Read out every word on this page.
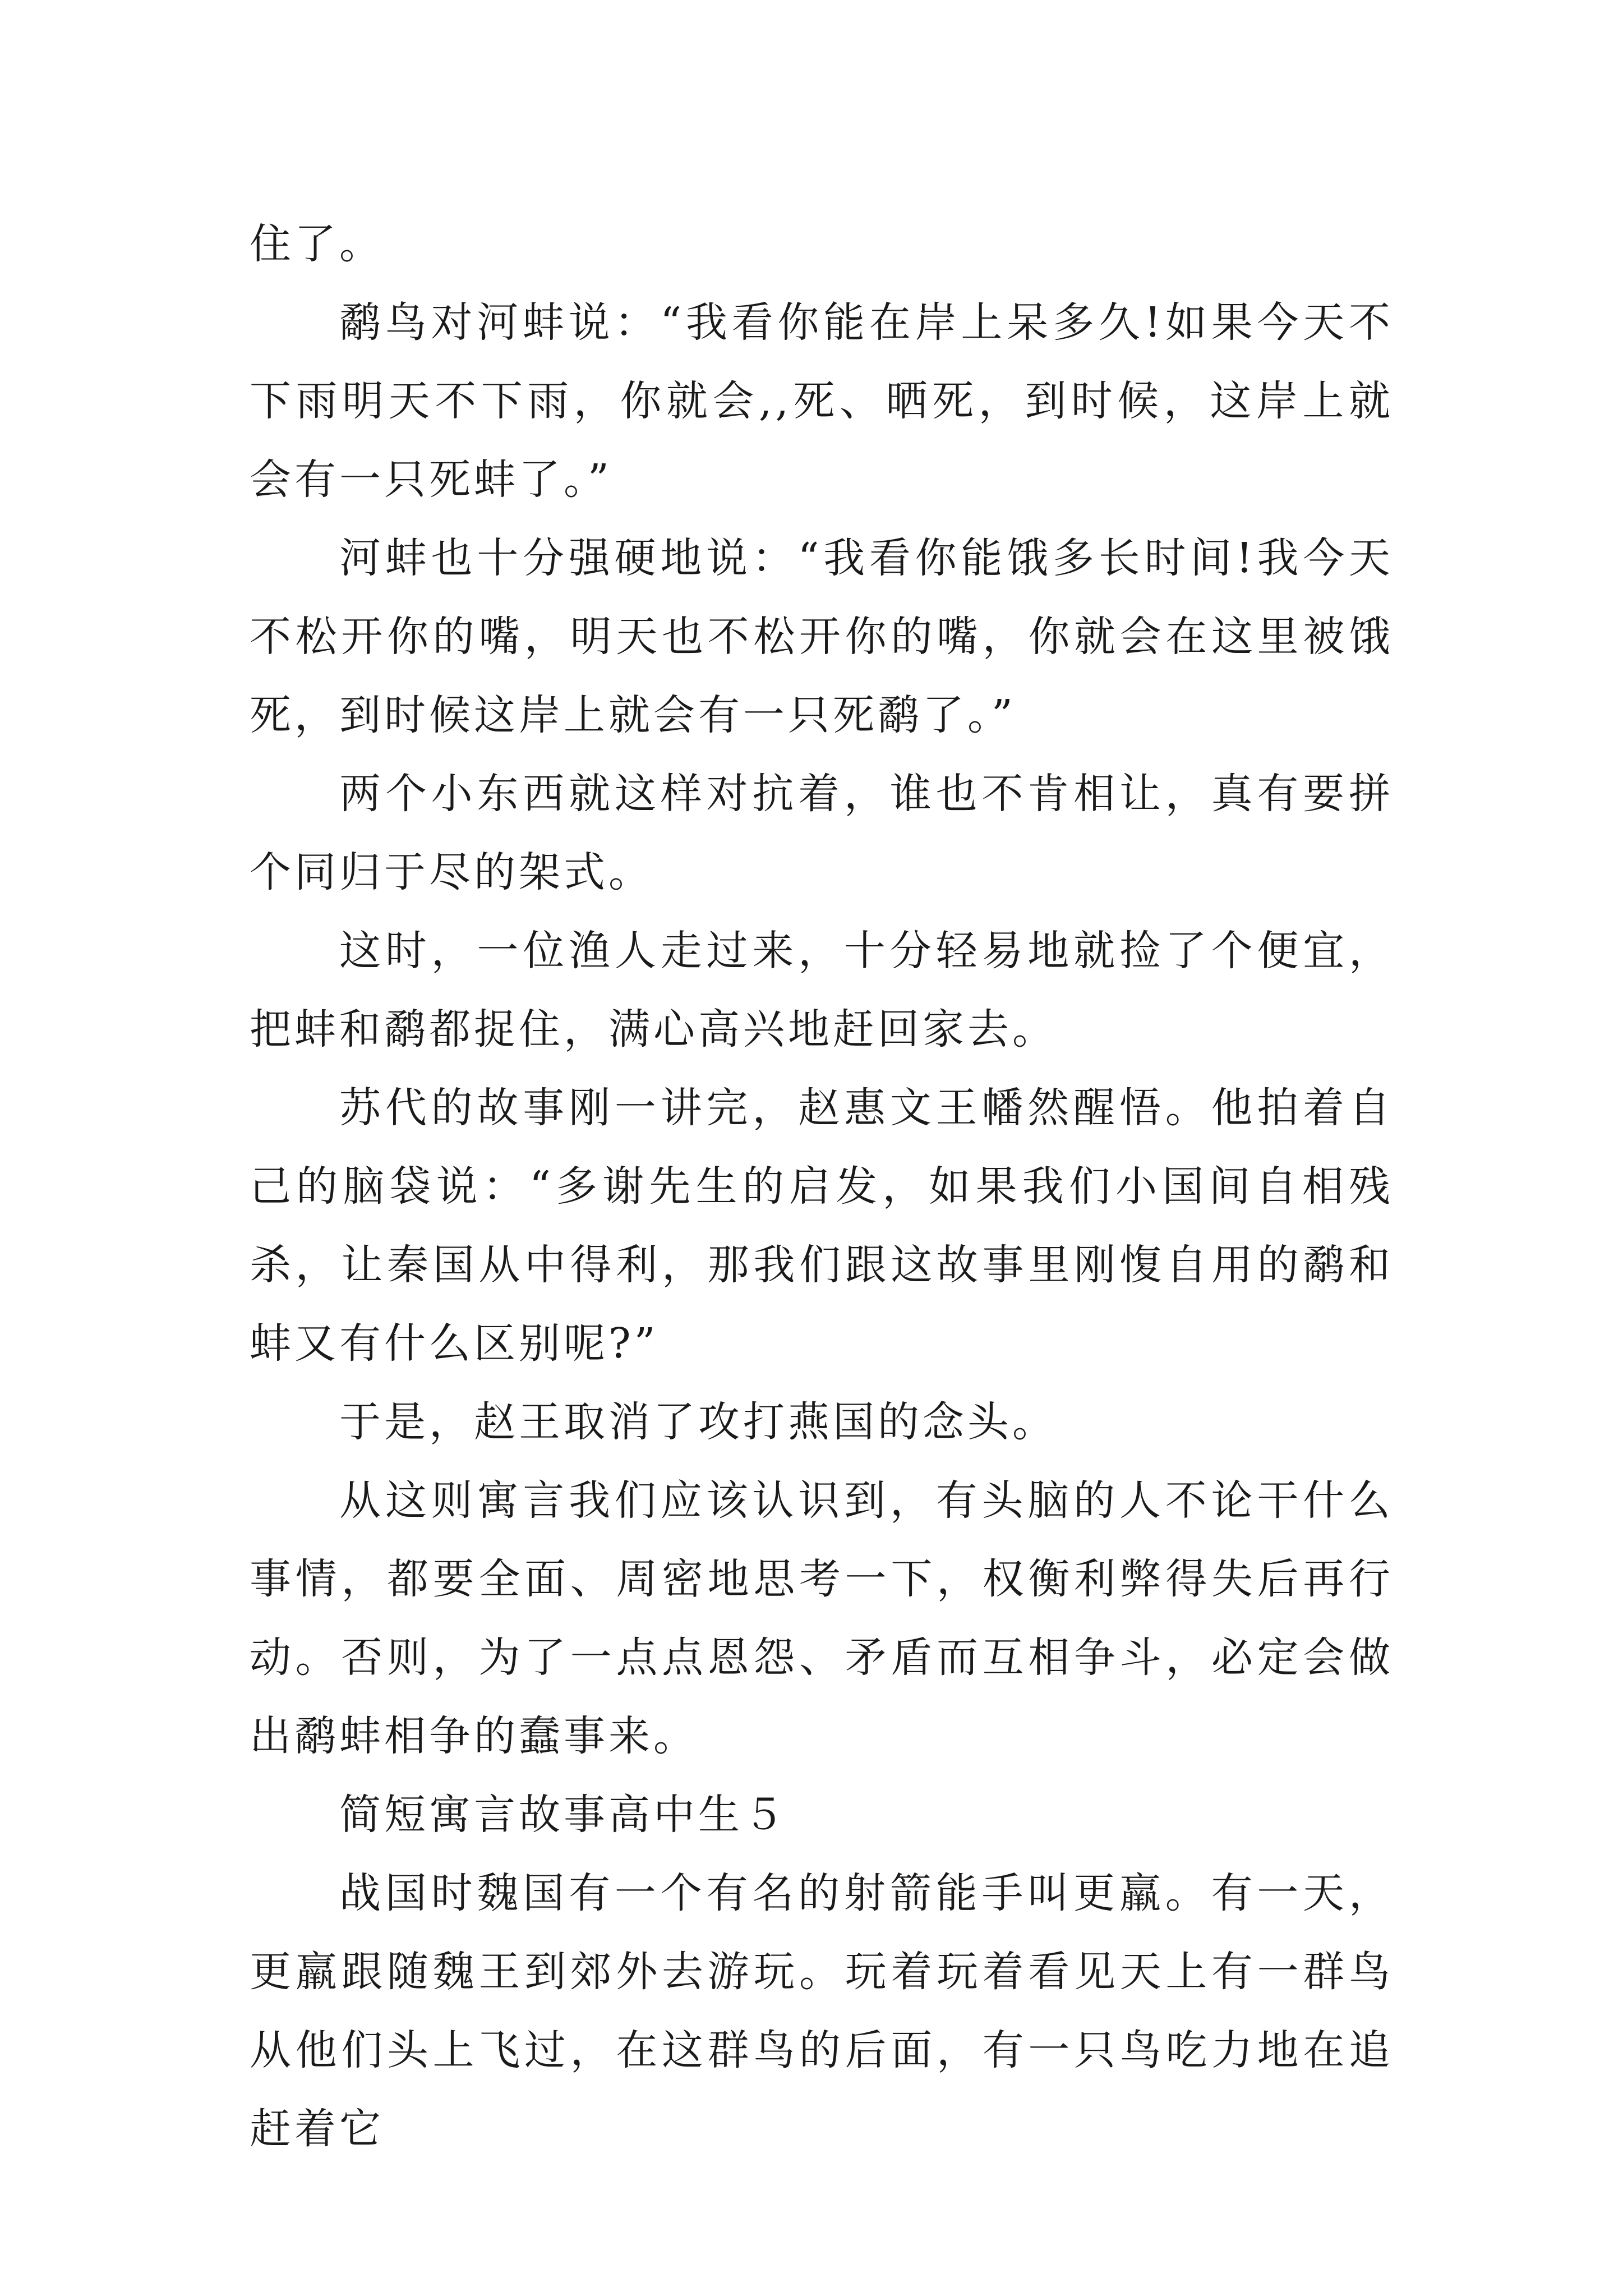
住了。

鹬鸟对河蚌说：“我看你能在岸上呆多久!如果今天不下雨明天不下雨，你就会,,死、晒死，到时候，这岸上就会有一只死蚌了。”

河蚌也十分强硬地说：“我看你能饿多长时间!我今天不松开你的嘴，明天也不松开你的嘴，你就会在这里被饿死，到时候这岸上就会有一只死鹬了。”

两个小东西就这样对抗着，谁也不肯相让，真有要拼个同归于尽的架式。

这时，一位渔人走过来，十分轻易地就捡了个便宜，把蚌和鹬都捉住，满心高兴地赶回家去。

苏代的故事刚一讲完，赵惠文王幡然醒悟。他拍着自己的脑袋说：“多谢先生的启发，如果我们小国间自相残杀，让秦国从中得利，那我们跟这故事里刚愎自用的鹬和蚌又有什么区别呢?”

于是，赵王取消了攻打燕国的念头。

从这则寓言我们应该认识到，有头脑的人不论干什么事情，都要全面、周密地思考一下，权衡利弊得失后再行动。否则，为了一点点恩怨、矛盾而互相争斗，必定会做出鹬蚌相争的蠢事来。

简短寓言故事高中生５

战国时魏国有一个有名的射箭能手叫更羸。有一天，更羸跟随魏王到郊外去游玩。玩着玩着看见天上有一群鸟从他们头上飞过，在这群鸟的后面，有一只鸟吃力地在追赶着它
